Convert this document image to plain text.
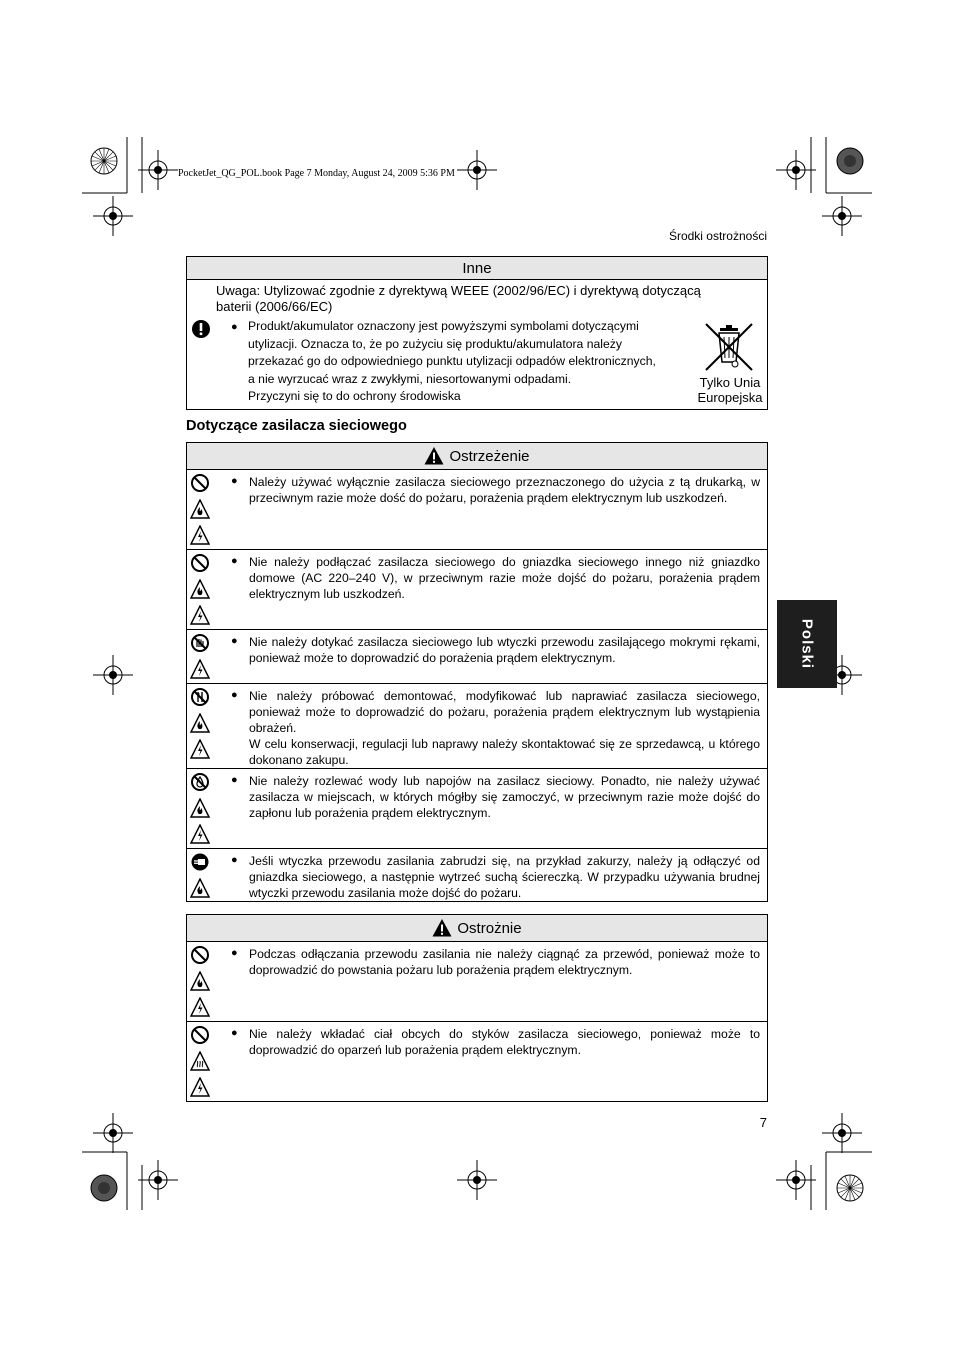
PocketJet_QG_POL.book Page 7 Monday, August 24, 2009 5:36 PM
Środki ostrożności
Polski
Inne
Uwaga: Utylizować zgodnie z dyrektywą WEEE (2002/96/EC) i dyrektywą dotyczącą
baterii (2006/66/EC)
● Produkt/akumulator oznaczony jest powyższymi symbolami dotyczącymi

utylizacji. Oznacza to, że po zużyciu się produktu/akumulatora należy

przekazać go do odpowiedniego punktu utylizacji odpadów elektronicznych,

a nie wyrzucać wraz z zwykłymi, niesortowanymi odpadami.

Przyczyni się to do ochrony środowiska

Tylko Unia
Europejska
Dotyczące zasilacza sieciowego
Ostrzeżenie
● Należy używać wyłącznie zasilacza sieciowego przeznaczonego do użycia z tą drukarką, w przeciwnym razie może dość do pożaru, porażenia prądem elektrycznym lub uszkodzeń.

● Nie należy podłączać zasilacza sieciowego do gniazdka sieciowego innego niż gniazdko domowe (AC 220–240 V), w przeciwnym razie może dojść do pożaru, porażenia prądem elektrycznym lub uszkodzeń.

● Nie należy dotykać zasilacza sieciowego lub wtyczki przewodu zasilającego mokrymi rękami, ponieważ może to doprowadzić do porażenia prądem elektrycznym.

● Nie należy próbować demontować, modyfikować lub naprawiać zasilacza sieciowego, ponieważ może to doprowadzić do pożaru, porażenia prądem elektrycznym lub wystąpienia obrażeń.

W celu konserwacji, regulacji lub naprawy należy skontaktować się ze sprzedawcą, u którego dokonano zakupu.

● Nie należy rozlewać wody lub napojów na zasilacz sieciowy. Ponadto, nie należy używać zasilacza w miejscach, w których mógłby się zamoczyć, w przeciwnym razie może dojść do zapłonu lub porażenia prądem elektrycznym.

● Jeśli wtyczka przewodu zasilania zabrudzi się, na przykład zakurzy, należy ją odłączyć od gniazdka sieciowego, a następnie wytrzeć suchą ściereczką. W przypadku używania brudnej wtyczki przewodu zasilania może dojść do pożaru.

Ostrożnie
● Podczas odłączania przewodu zasilania nie należy ciągnąć za przewód, ponieważ może to doprowadzić do powstania pożaru lub porażenia prądem elektrycznym.

● Nie należy wkładać ciał obcych do styków zasilacza sieciowego, ponieważ może to doprowadzić do oparzeń lub porażenia prądem elektrycznym.

7
